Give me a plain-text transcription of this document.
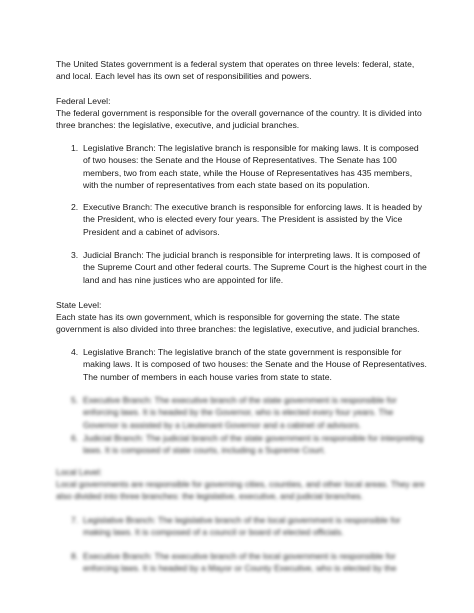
The United States government is a federal system that operates on three levels: federal, state, and local. Each level has its own set of responsibilities and powers.
Federal Level:
The federal government is responsible for the overall governance of the country. It is divided into three branches: the legislative, executive, and judicial branches.
1. Legislative Branch: The legislative branch is responsible for making laws. It is composed of two houses: the Senate and the House of Representatives. The Senate has 100 members, two from each state, while the House of Representatives has 435 members, with the number of representatives from each state based on its population.
2. Executive Branch: The executive branch is responsible for enforcing laws. It is headed by the President, who is elected every four years. The President is assisted by the Vice President and a cabinet of advisors.
3. Judicial Branch: The judicial branch is responsible for interpreting laws. It is composed of the Supreme Court and other federal courts. The Supreme Court is the highest court in the land and has nine justices who are appointed for life.
State Level:
Each state has its own government, which is responsible for governing the state. The state government is also divided into three branches: the legislative, executive, and judicial branches.
4. Legislative Branch: The legislative branch of the state government is responsible for making laws. It is composed of two houses: the Senate and the House of Representatives. The number of members in each house varies from state to state.
5. Executive Branch: The executive branch of the state government is responsible for enforcing laws. It is headed by the Governor, who is elected every four years. The Governor is assisted by a Lieutenant Governor and a cabinet of advisors.
6. Judicial Branch: The judicial branch of the state government is responsible for interpreting laws. It is composed of state courts, including a Supreme Court.
Local Level:
Local governments are responsible for governing cities, counties, and other local areas. They are also divided into three branches: the legislative, executive, and judicial branches.
7. Legislative Branch: The legislative branch of the local government is responsible for making laws. It is composed of a council or board of elected officials.
8. Executive Branch: The executive branch of the local government is responsible for enforcing laws. It is headed by a Mayor or County Executive, who is elected by the
